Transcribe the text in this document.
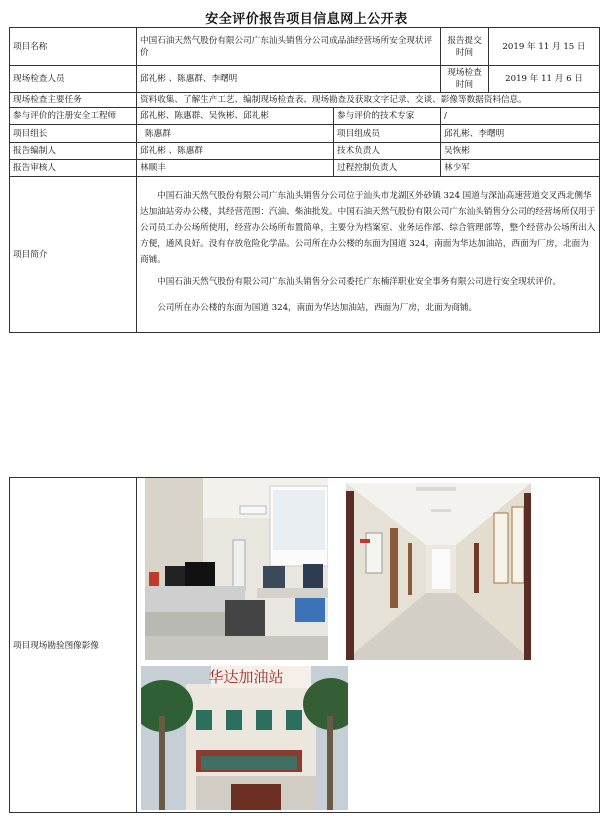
安全评价报告项目信息网上公开表
项目名称	中国石油天然气股份有限公司广东汕头销售分公司成品油经营场所安全现状评价		报告提交时间	2019 年 11 月 15 日
现场检查人员	邱礼彬 、陈惠群、李曙明		现场检查时间	2019 年 11 月 6 日
现场检查主要任务	资料收集、了解生产工艺、编制现场检查表、现场勘查及获取文字记录、交谈、影像等数据资料信息。			
参与评价的注册安全工程师	邱礼彬、陈惠群、吴恢彬、邱礼彬	参与评价的技术专家	/	
项目组长	陈惠群	项目组成员	邱礼彬、李曙明	
报告编制人	邱礼彬 、陈惠群	技术负责人	吴恢彬	
报告审核人	林顺丰	过程控制负责人	林少军	
项目简介	中国石油天然气股份有限公司广东汕头销售分公司位于汕头市龙湖区外砂镇 324 国道与深汕高速营道交叉西北侧华达加油站旁办公楼，其经营范围：汽油、柴油批发。中国石油天然气股份有限公司广东汕头销售分公司的经营场所仅用于公司员工办公场所使用，经营办公场所布置简单，主要分为档案室、业务运作部、综合管理部等，整个经营办公场所出入方便，通风良好。没有存放危险化学品。公司所在办公楼的东面为国道 324，南面为华达加油站，西面为厂房，北面为商铺。

中国石油天然气股份有限公司广东汕头销售分公司委托广东楠洋职业安全事务有限公司进行安全现状评价。

公司所在办公楼的东面为国道 324，南面为华达加油站，西面为厂房，北面为商铺。			

项目现场勘验图像影像	
华达加油站
